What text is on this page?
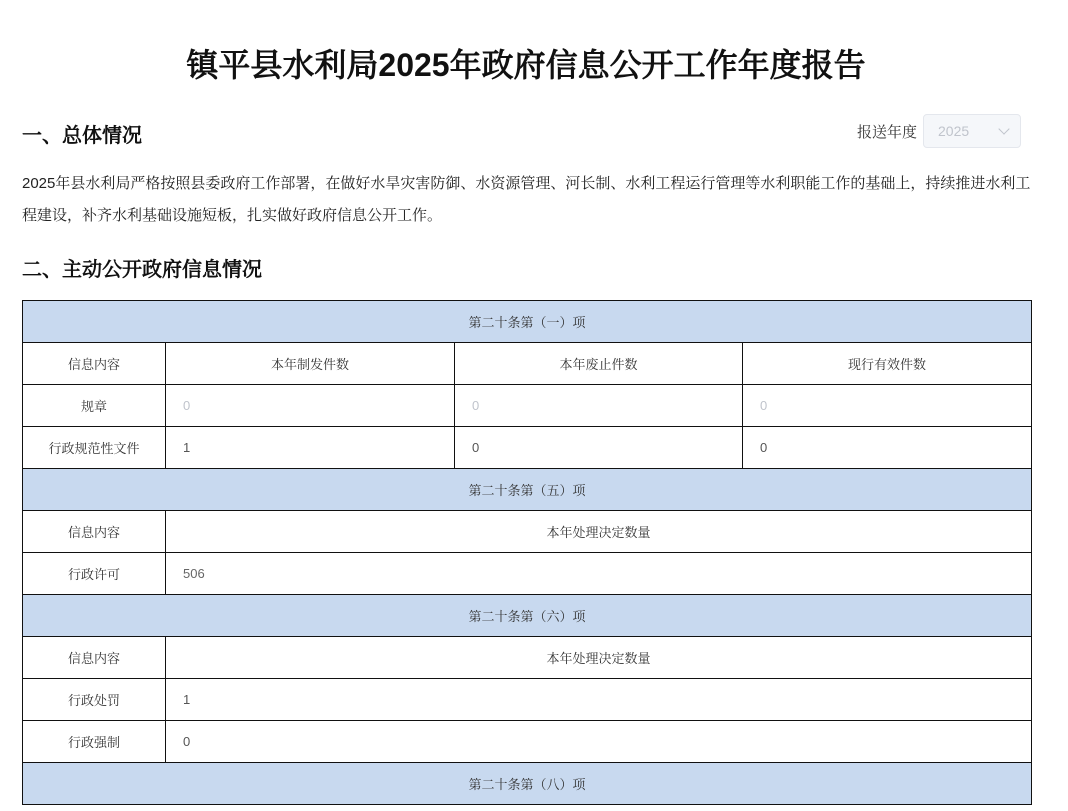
镇平县水利局2025年政府信息公开工作年度报告
一、总体情况	报送年度 2025
2025年县水利局严格按照县委政府工作部署，在做好水旱灾害防御、水资源管理、河长制、水利工程运行管理等水利职能工作的基础上，持续推进水利工程建设，补齐水利基础设施短板，扎实做好政府信息公开工作。
二、主动公开政府信息情况
第二十条第（一）项			
信息内容	本年制发件数	本年废止件数	现行有效件数
规章	0	0	0
行政规范性文件	1	0	0
第二十条第（五）项			
信息内容	本年处理决定数量		
行政许可	506		
第二十条第（六）项			
信息内容	本年处理决定数量		
行政处罚	1		
行政强制	0		
第二十条第（八）项			
